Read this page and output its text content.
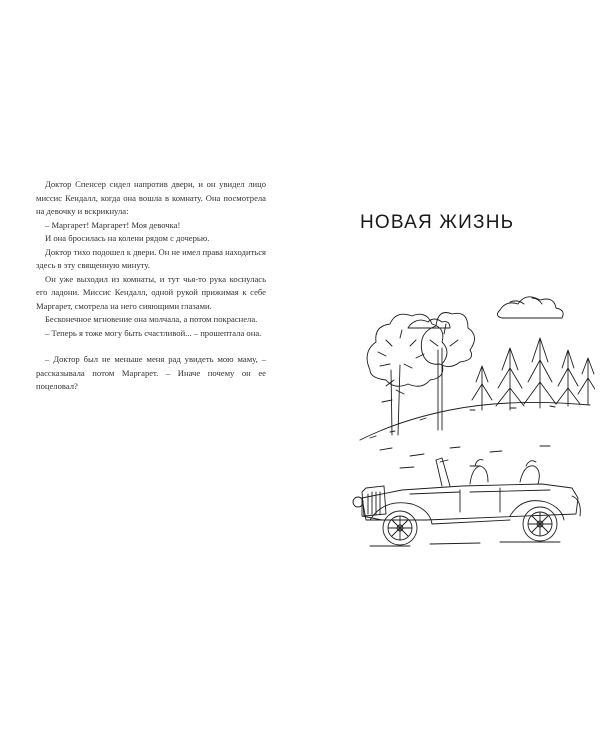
Доктор Спенсер сидел напротив двери, и он увидел лицо миссис Кендалл, когда она вошла в комнату. Она посмотрела на девочку и вскрикнула:

– Маргарет! Маргарет! Моя девочка!

И она бросилась на колени рядом с дочерью.

Доктор тихо подошел к двери. Он не имел права находиться здесь в эту священную минуту.

Он уже выходил из комнаты, и тут чья-то рука коснулась его ладони. Миссис Кендалл, одной рукой прижимая к себе Маргарет, смотрела на него сияющими глазами.

Бесконечное мгновение она молчала, а потом покраснела.

– Теперь я тоже могу быть счастливой... – прошептала она.

– Доктор был не меньше меня рад увидеть мою маму, – рассказывала потом Маргарет. – Иначе почему он ее поцеловал?

НОВАЯ ЖИЗНЬ
